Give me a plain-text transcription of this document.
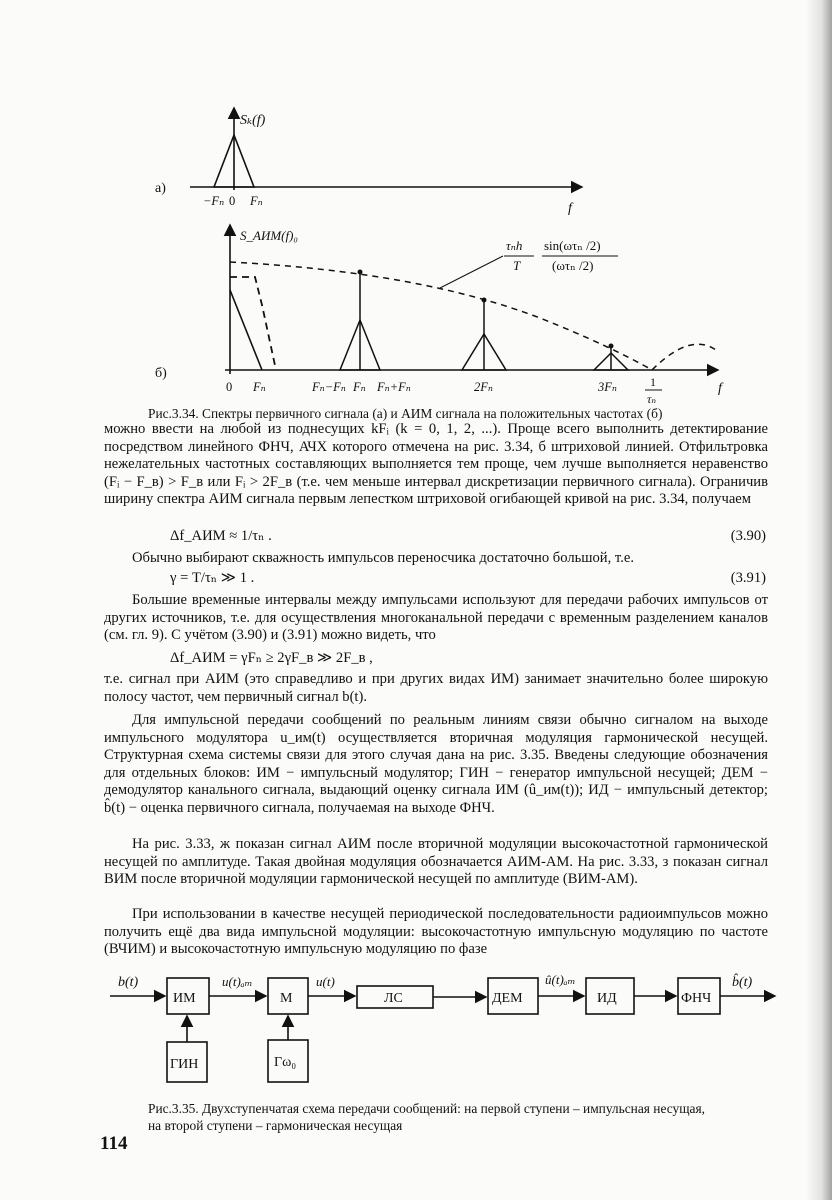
Sₖ(f)
а)
−Fₙ 0 Fₙ	f
τₙh
T
sin(ωτₙ /2)
(ωτₙ /2)
S_АИМ(f)₀
б)
0 Fₙ	Fₙ−Fₙ Fₙ Fₙ+Fₙ	2Fₙ	3Fₙ	1
τₙ
f
Рис.3.34. Спектры первичного сигнала (а) и АИМ сигнала на положительных частотах (б)
можно ввести на любой из поднесущих kFᵢ (k = 0, 1, 2, ...). Проще всего выполнить детектирование посредством линейного ФНЧ, АЧХ которого отмечена на рис. 3.34, б штриховой линией. Отфильтровка нежелательных частотных составляющих выполняется тем проще, чем лучше выполняется неравенство (Fᵢ − F_в) > F_в или Fᵢ > 2F_в (т.е. чем меньше интервал дискретизации первичного сигнала). Ограничив ширину спектра АИМ сигнала первым лепестком штриховой огибающей кривой на рис. 3.34, получаем
Δf_АИМ ≈ 1/τₙ .	(3.90)
Обычно выбирают скважность импульсов переносчика достаточно большой, т.е.
γ = T/τₙ ≫ 1 .	(3.91)
Большие временные интервалы между импульсами используют для передачи рабочих импульсов от других источников, т.е. для осуществления многоканальной передачи с временным разделением каналов (см. гл. 9). С учётом (3.90) и (3.91) можно видеть, что
Δf_АИМ = γFₙ ≥ 2γF_в ≫ 2F_в ,
т.е. сигнал при АИМ (это справедливо и при других видах ИМ) занимает значительно более широкую полосу частот, чем первичный сигнал b(t).
Для импульсной передачи сообщений по реальным линиям связи обычно сигналом на выходе импульсного модулятора u_им(t) осуществляется вторичная модуляция гармонической несущей. Структурная схема системы связи для этого случая дана на рис. 3.35. Введены следующие обозначения для отдельных блоков: ИМ − импульсный модулятор; ГИН − генератор импульсной несущей; ДЕМ − демодулятор канального сигнала, выдающий оценку сигнала ИМ (û_им(t)); ИД − импульсный детектор; b̂(t) − оценка первичного сигнала, получаемая на выходе ФНЧ.
На рис. 3.33, ж показан сигнал АИМ после вторичной модуляции высокочастотной гармонической несущей по амплитуде. Такая двойная модуляция обозначается АИМ-АМ. На рис. 3.33, з показан сигнал ВИМ после вторичной модуляции гармонической несущей по амплитуде (ВИМ-АМ).
При использовании в качестве несущей периодической последовательности радиоимпульсов можно получить ещё два вида импульсной модуляции: высокочастотную импульсную модуляцию по частоте (ВЧИМ) и высокочастотную импульсную модуляцию по фазе
b(t)
ИМ
u(t)ₐₘ
М
u(t)
ЛС	ДЕМ
û(t)ₐₘ
ИД	ФНЧ
b̂(t)
ГИН	Гω₀
Рис.3.35. Двухступенчатая схема передачи сообщений: на первой ступени – импульсная несущая,
на второй ступени – гармоническая несущая
114
